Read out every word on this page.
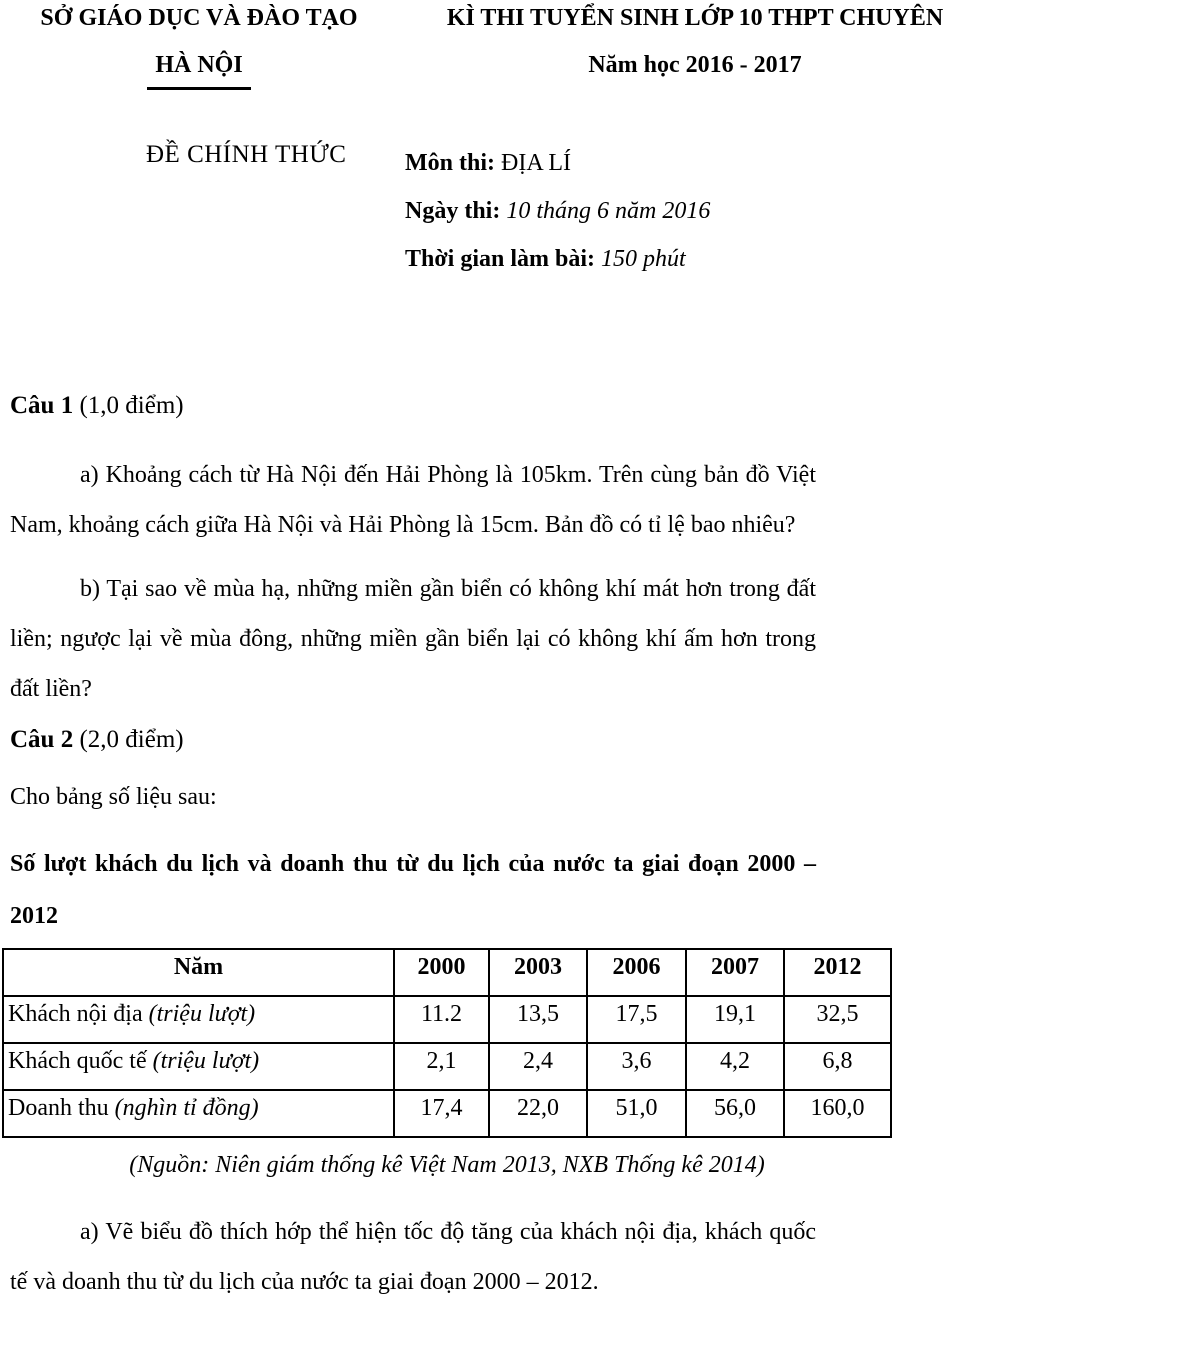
SỞ GIÁO DỤC VÀ ĐÀO TẠO
HÀ NỘI
KÌ THI TUYỂN SINH LỚP 10 THPT CHUYÊN
Năm học 2016 - 2017
ĐỀ CHÍNH THỨC Môn thi: ĐỊA LÍ
Ngày thi: 10 tháng 6 năm 2016
Thời gian làm bài: 150 phút

Câu 1 (1,0 điểm)

a) Khoảng cách từ Hà Nội đến Hải Phòng là 105km. Trên cùng bản đồ Việt Nam, khoảng cách giữa Hà Nội và Hải Phòng là 15cm. Bản đồ có tỉ lệ bao nhiêu?

b) Tại sao về mùa hạ, những miền gần biển có không khí mát hơn trong đất liền; ngược lại về mùa đông, những miền gần biển lại có không khí ấm hơn trong đất liền?

Câu 2 (2,0 điểm)

Cho bảng số liệu sau:

Số lượt khách du lịch và doanh thu từ du lịch của nước ta giai đoạn 2000 – 2012

Năm	2000	2003	2006	2007	2012
Khách nội địa (triệu lượt)	11.2	13,5	17,5	19,1	32,5
Khách quốc tế (triệu lượt)	2,1	2,4	3,6	4,2	6,8
Doanh thu (nghìn tỉ đồng)	17,4	22,0	51,0	56,0	160,0

(Nguồn: Niên giám thống kê Việt Nam 2013, NXB Thống kê 2014)

a) Vẽ biểu đồ thích hớp thể hiện tốc độ tăng của khách nội địa, khách quốc tế và doanh thu từ du lịch của nước ta giai đoạn 2000 – 2012.
